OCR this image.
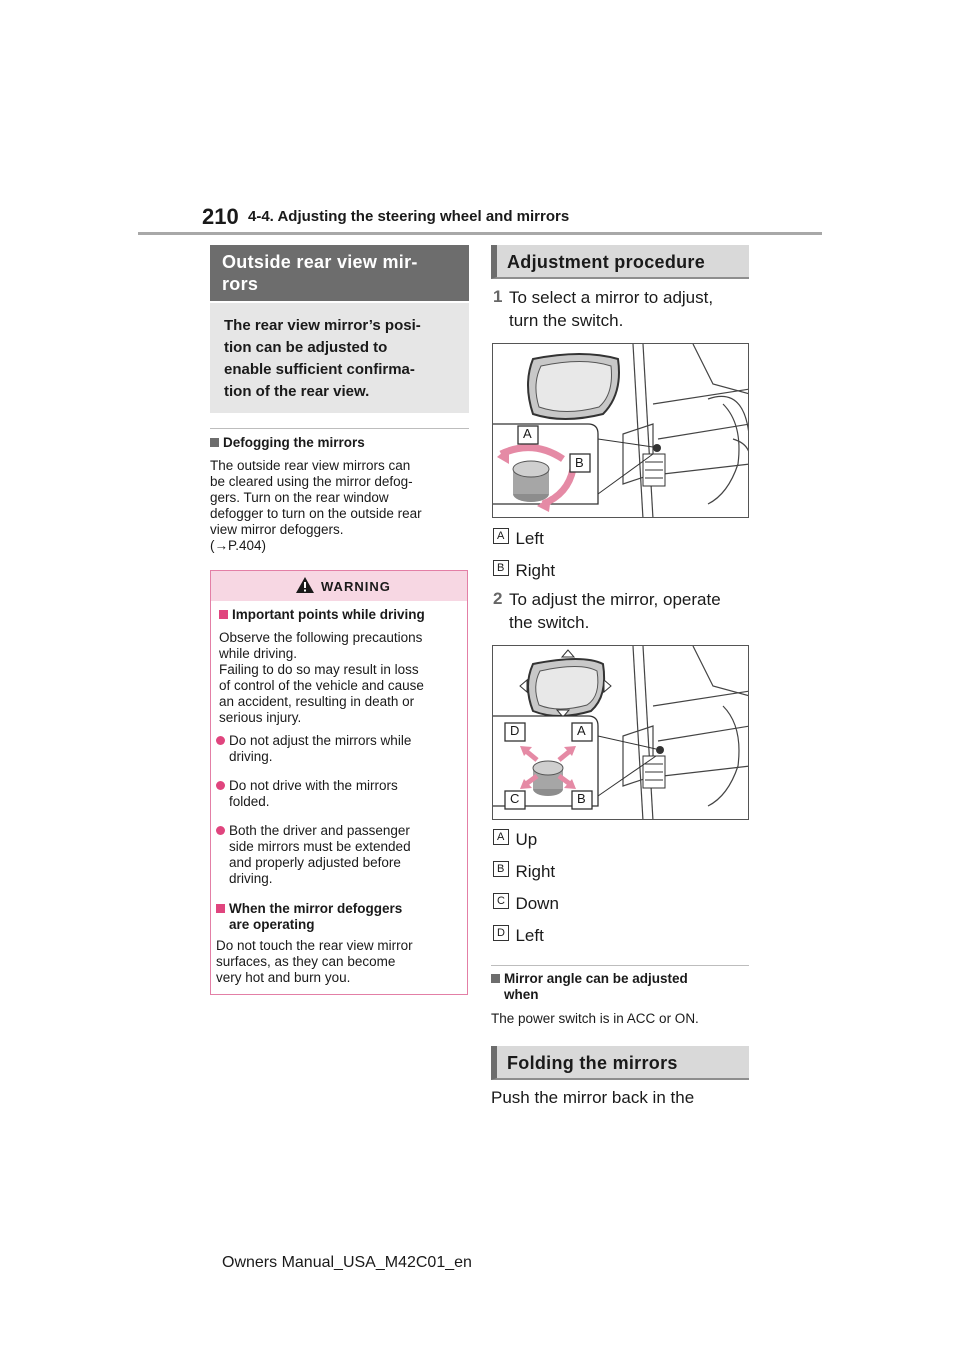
210 4-4. Adjusting the steering wheel and mirrors
Outside rear view mir-
rors
The rear view mirror’s posi-
tion can be adjusted to
enable sufficient confirma-
tion of the rear view.
Defogging the mirrors
The outside rear view mirrors can
be cleared using the mirror defog-
gers. Turn on the rear window
defogger to turn on the outside rear
view mirror defoggers.
(→P.404)
WARNING
Important points while driving
Observe the following precautions
while driving.
Failing to do so may result in loss
of control of the vehicle and cause
an accident, resulting in death or
serious injury.
Do not adjust the mirrors while
driving.
Do not drive with the mirrors
folded.
Both the driver and passenger
side mirrors must be extended
and properly adjusted before
driving.
When the mirror defoggers
are operating
Do not touch the rear view mirror
surfaces, as they can become
very hot and burn you.
Adjustment procedure
1 To select a mirror to adjust,
turn the switch.
A
B
A Left
B Right
2 To adjust the mirror, operate
the switch.
D	A
C	B
A Up
B Right
C Down
D Left
Mirror angle can be adjusted
when
The power switch is in ACC or ON.
Folding the mirrors
Push the mirror back in the
Owners Manual_USA_M42C01_en
